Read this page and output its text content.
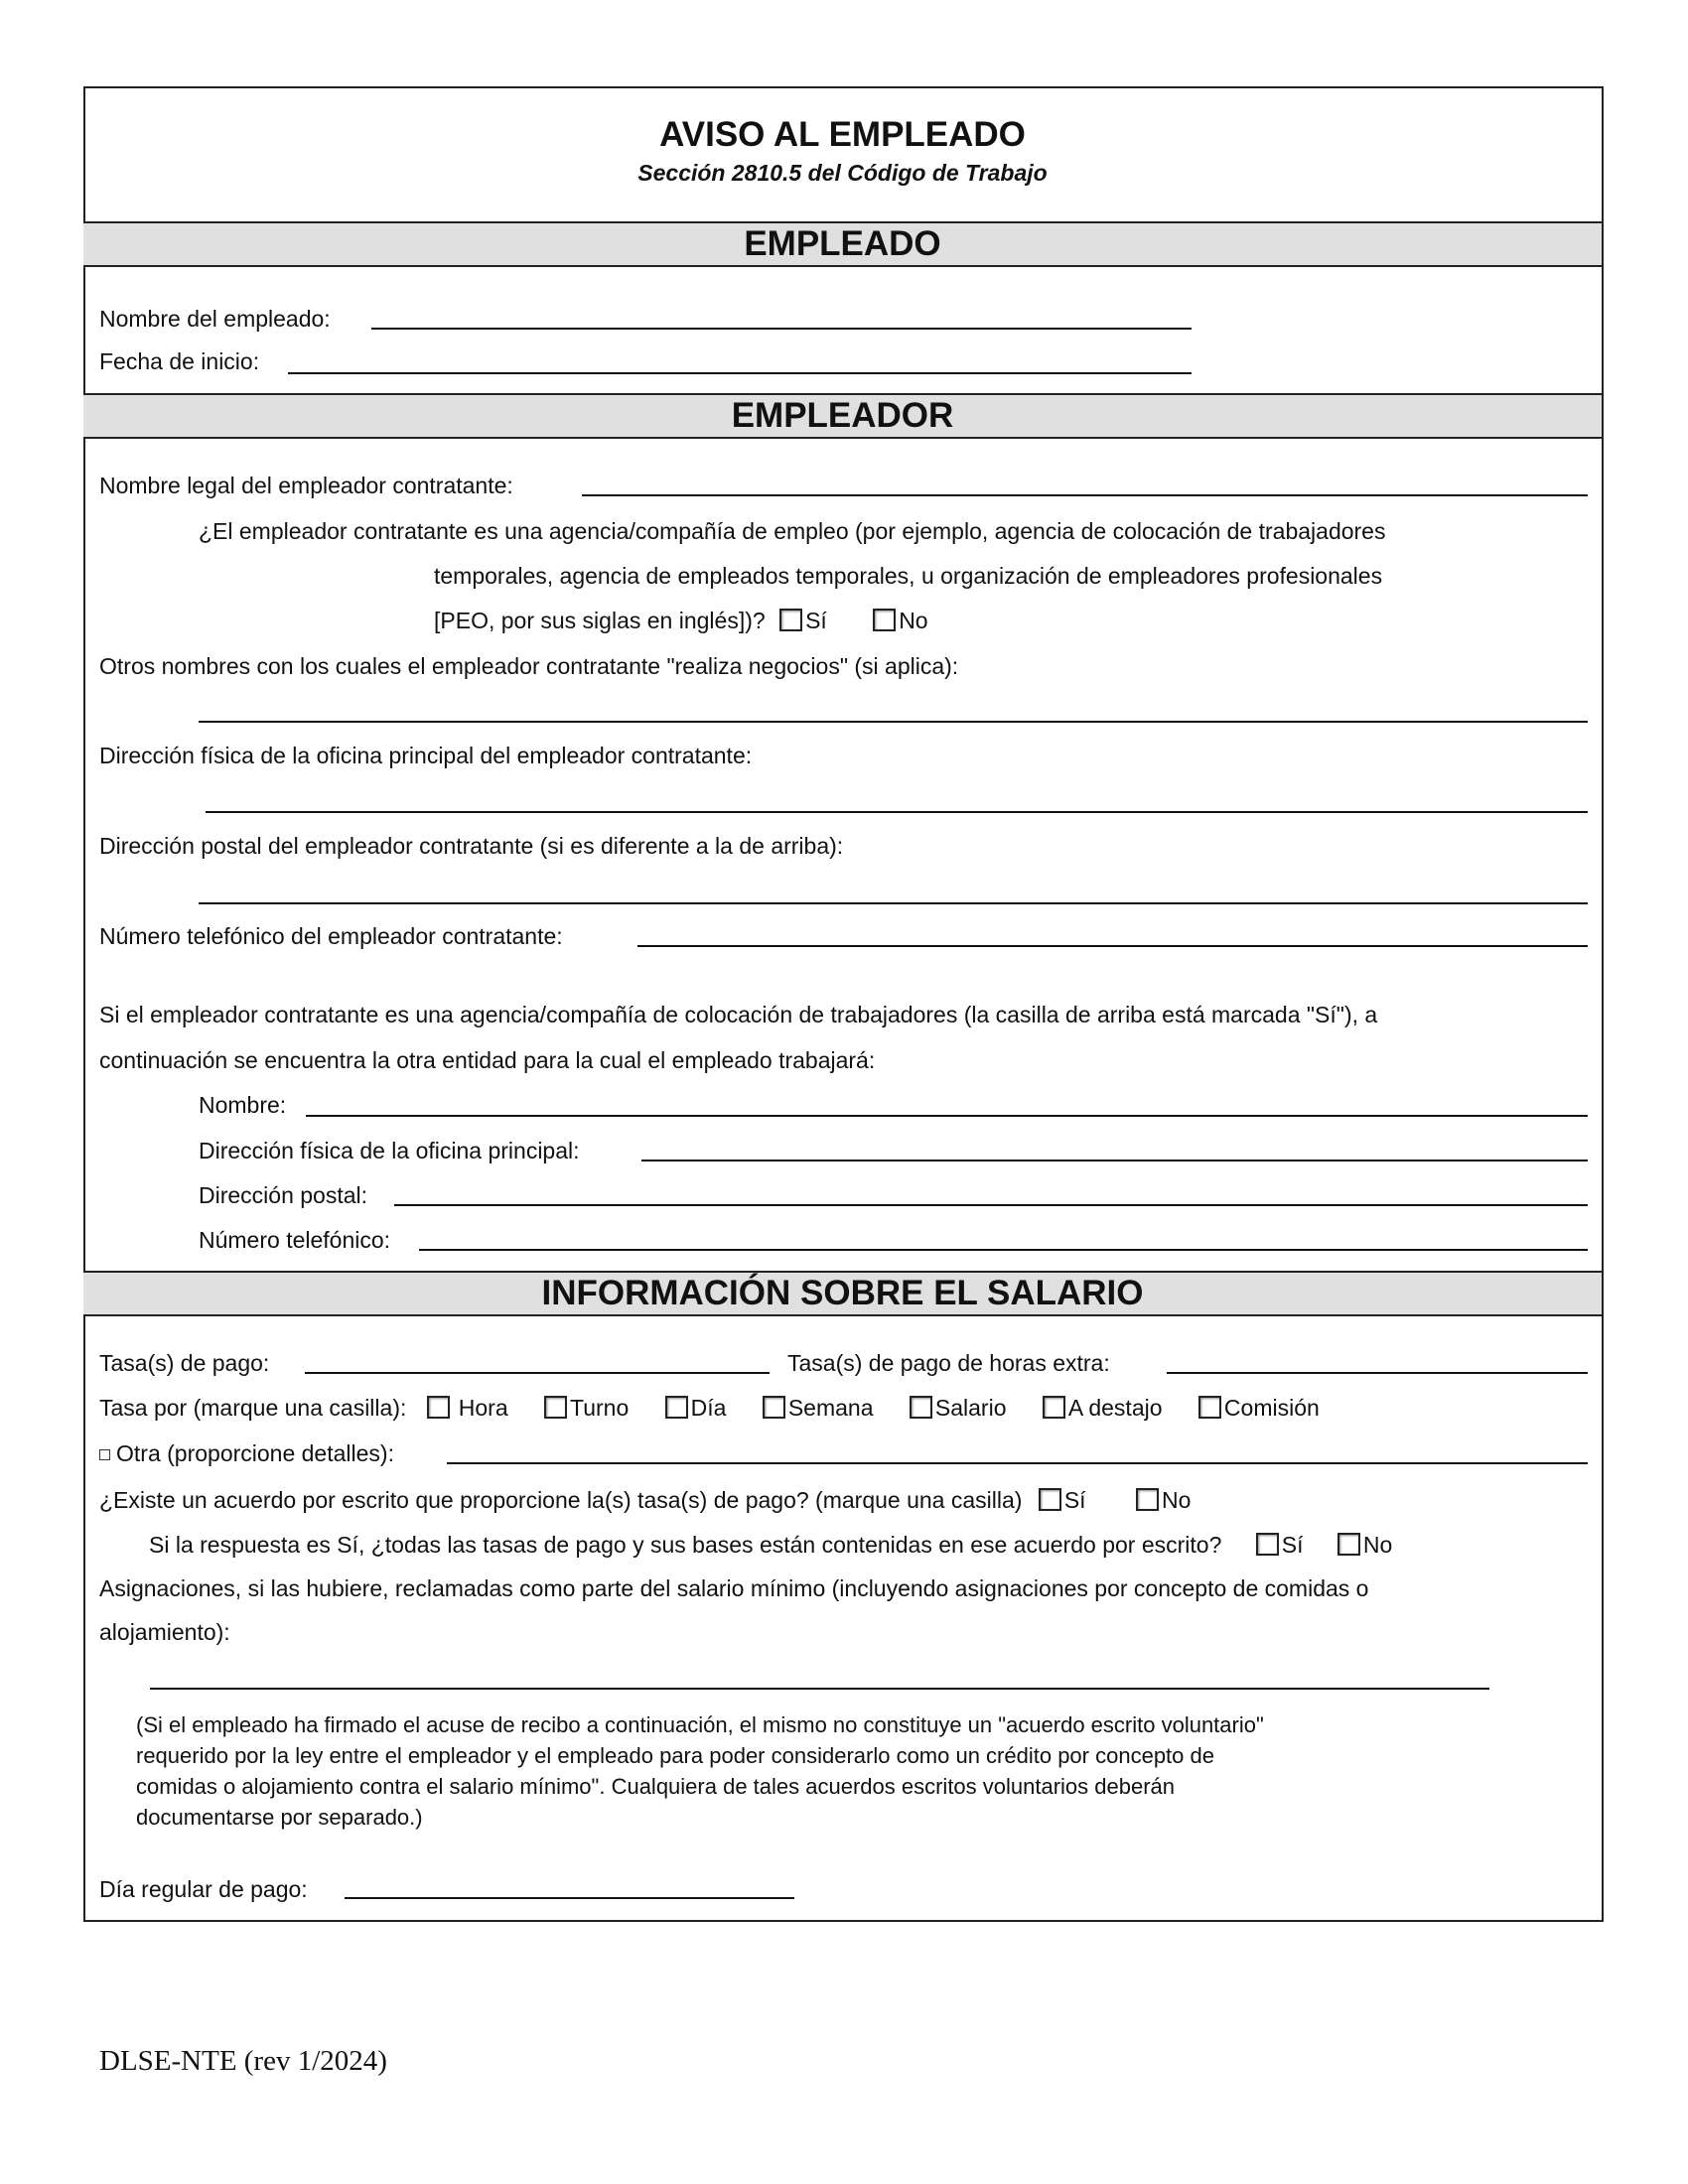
AVISO AL EMPLEADO
Sección 2810.5 del Código de Trabajo
EMPLEADO
Nombre del empleado:
Fecha de inicio:
EMPLEADOR
Nombre legal del empleador contratante:
¿El empleador contratante es una agencia/compañía de empleo (por ejemplo, agencia de colocación de trabajadores
temporales, agencia de empleados temporales, u organización de empleadores profesionales
[PEO, por sus siglas en inglés])? Sí	No
Otros nombres con los cuales el empleador contratante "realiza negocios" (si aplica):
Dirección física de la oficina principal del empleador contratante:
Dirección postal del empleador contratante (si es diferente a la de arriba):
Número telefónico del empleador contratante:
Si el empleador contratante es una agencia/compañía de colocación de trabajadores (la casilla de arriba está marcada "Sí"), a
continuación se encuentra la otra entidad para la cual el empleado trabajará:
Nombre:
Dirección física de la oficina principal:
Dirección postal:
Número telefónico:
INFORMACIÓN SOBRE EL SALARIO
Tasa(s) de pago:	Tasa(s) de pago de horas extra:
Tasa por (marque una casilla): Hora	Turno	Día	Semana	Salario	A destajo	Comisión
Otra (proporcione detalles):
¿Existe un acuerdo por escrito que proporcione la(s) tasa(s) de pago? (marque una casilla) Sí	No
Si la respuesta es Sí, ¿todas las tasas de pago y sus bases están contenidas en ese acuerdo por escrito?	Sí	No
Asignaciones, si las hubiere, reclamadas como parte del salario mínimo (incluyendo asignaciones por concepto de comidas o
alojamiento):
(Si el empleado ha firmado el acuse de recibo a continuación, el mismo no constituye un "acuerdo escrito voluntario"
requerido por la ley entre el empleador y el empleado para poder considerarlo como un crédito por concepto de
comidas o alojamiento contra el salario mínimo". Cualquiera de tales acuerdos escritos voluntarios deberán
documentarse por separado.)
Día regular de pago:
DLSE-NTE (rev 1/2024)
